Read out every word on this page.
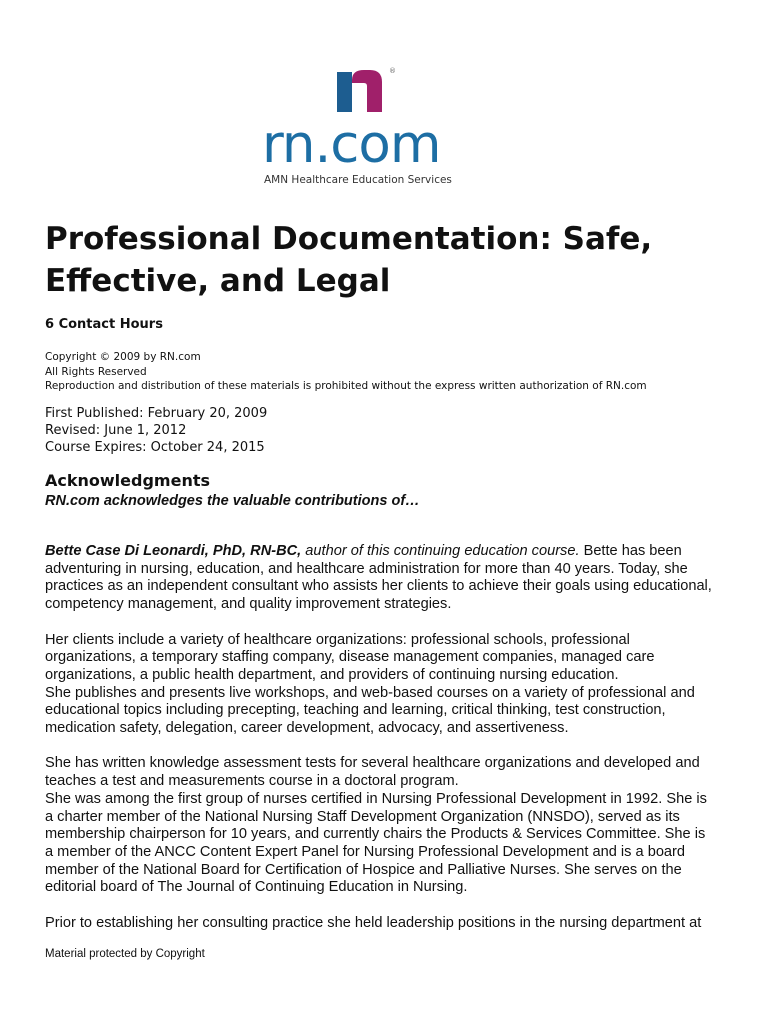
®
rn.com
AMN Healthcare Education Services
Professional Documentation: Safe,
Effective, and Legal
6 Contact Hours
Copyright © 2009 by RN.com
All Rights Reserved
Reproduction and distribution of these materials is prohibited without the express written authorization of RN.com
First Published: February 20, 2009
Revised: June 1, 2012
Course Expires: October 24, 2015
Acknowledgments
RN.com acknowledges the valuable contributions of…

Bette Case Di Leonardi, PhD, RN-BC, author of this continuing education course. Bette has been
adventuring in nursing, education, and healthcare administration for more than 40 years. Today, she
practices as an independent consultant who assists her clients to achieve their goals using educational,
competency management, and quality improvement strategies.

Her clients include a variety of healthcare organizations: professional schools, professional
organizations, a temporary staffing company, disease management companies, managed care
organizations, a public health department, and providers of continuing nursing education.
She publishes and presents live workshops, and web-based courses on a variety of professional and
educational topics including precepting, teaching and learning, critical thinking, test construction,
medication safety, delegation, career development, advocacy, and assertiveness.

She has written knowledge assessment tests for several healthcare organizations and developed and
teaches a test and measurements course in a doctoral program.
She was among the first group of nurses certified in Nursing Professional Development in 1992. She is
a charter member of the National Nursing Staff Development Organization (NNSDO), served as its
membership chairperson for 10 years, and currently chairs the Products & Services Committee. She is
a member of the ANCC Content Expert Panel for Nursing Professional Development and is a board
member of the National Board for Certification of Hospice and Palliative Nurses. She serves on the
editorial board of The Journal of Continuing Education in Nursing.

Prior to establishing her consulting practice she held leadership positions in the nursing department at

Material protected by Copyright
